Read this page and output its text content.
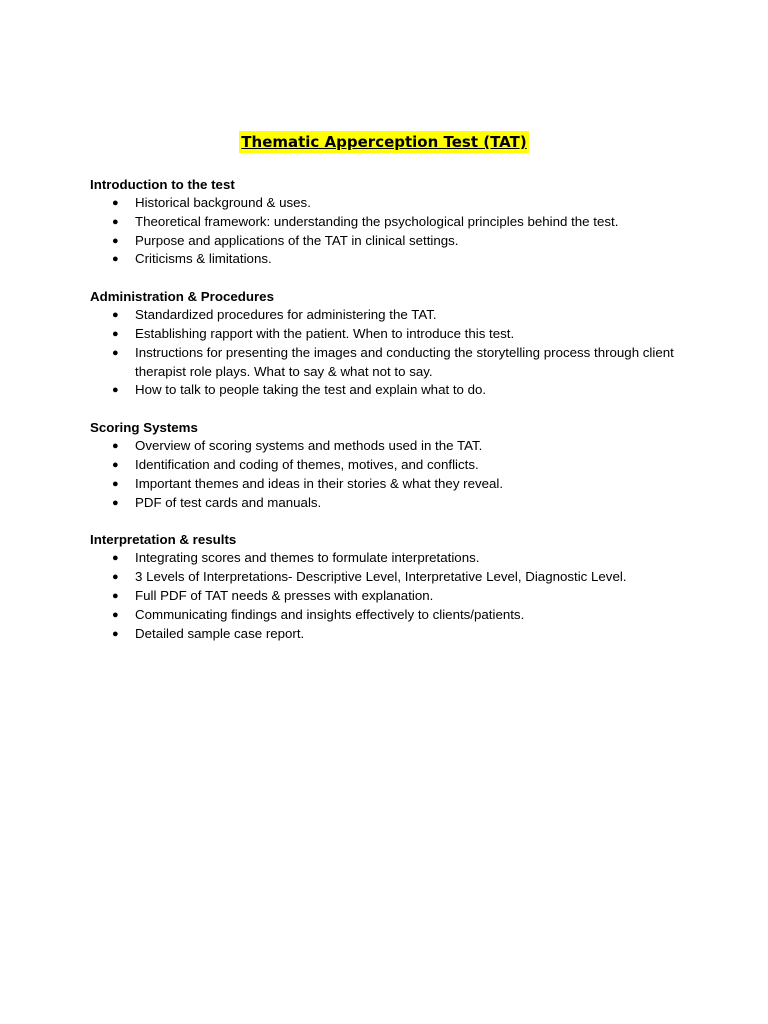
Thematic Apperception Test (TAT)
Introduction to the test
● Historical background & uses.
● Theoretical framework: understanding the psychological principles behind the test.
● Purpose and applications of the TAT in clinical settings.
● Criticisms & limitations.
Administration & Procedures
● Standardized procedures for administering the TAT.
● Establishing rapport with the patient. When to introduce this test.
● Instructions for presenting the images and conducting the storytelling process through client therapist role plays. What to say & what not to say.
● How to talk to people taking the test and explain what to do.
Scoring Systems
● Overview of scoring systems and methods used in the TAT.
● Identification and coding of themes, motives, and conflicts.
● Important themes and ideas in their stories & what they reveal.
● PDF of test cards and manuals.
Interpretation & results
● Integrating scores and themes to formulate interpretations.
● 3 Levels of Interpretations- Descriptive Level, Interpretative Level, Diagnostic Level.
● Full PDF of TAT needs & presses with explanation.
● Communicating findings and insights effectively to clients/patients.
● Detailed sample case report.
